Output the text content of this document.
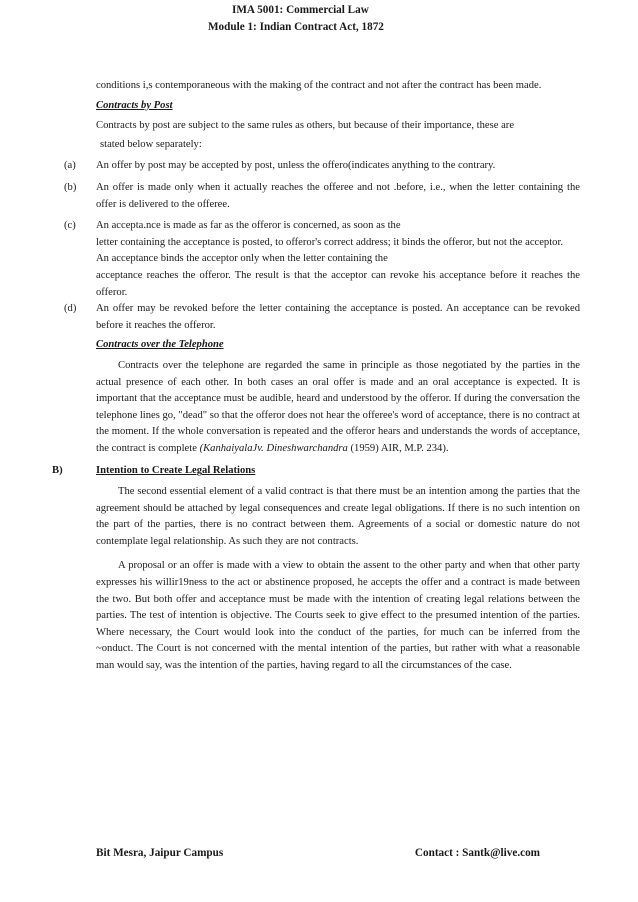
IMA 5001: Commercial Law
Module 1: Indian Contract Act, 1872

conditions i,s contemporaneous with the making of the contract and not after the contract has been made.

Contracts by Post

Contracts by post are subject to the same rules as others, but because of their importance, these are

stated below separately:

(a) An offer by post may be accepted by post, unless the offero(indicates anything to the contrary.

(b) An offer is made only when it actually reaches the offeree and not .before, i.e., when the letter containing the offer is delivered to the offeree.

(c) An accepta.nce is made as far as the offeror is concerned, as soon as the

letter containing the acceptance is posted, to offeror's correct address; it binds the offeror, but not the acceptor.

An acceptance binds the acceptor only when the letter containing the

acceptance reaches the offeror. The result is that the acceptor can revoke his acceptance before it reaches the offeror.

(d) An offer may be revoked before the letter containing the acceptance is posted. An acceptance can be revoked before it reaches the offeror.

Contracts over the Telephone

Contracts over the telephone are regarded the same in principle as those negotiated by the parties in the actual presence of each other. In both cases an oral offer is made and an oral acceptance is expected. It is important that the acceptance must be audible, heard and understood by the offeror. If during the conversation the telephone lines go, "dead" so that the offeror does not hear the offeree's word of acceptance, there is no contract at the moment. If the whole conversation is repeated and the offeror hears and understands the words of acceptance, the contract is complete (KanhaiyalaJv. Dineshwarchandra (1959) AIR, M.P. 234).

B)	Intention to Create Legal Relations

The second essential element of a valid contract is that there must be an intention among the parties that the agreement should be attached by legal consequences and create legal obligations. If there is no such intention on the part of the parties, there is no contract between them. Agreements of a social or domestic nature do not contemplate legal relationship. As such they are not contracts.

A proposal or an offer is made with a view to obtain the assent to the other party and when that other party expresses his willir19ness to the act or abstinence proposed, he accepts the offer and a contract is made between the two. But both offer and acceptance must be made with the intention of creating legal relations between the parties. The test of intention is objective. The Courts seek to give effect to the presumed intention of the parties. Where necessary, the Court would look into the conduct of the parties, for much can be inferred from the ~onduct. The Court is not concerned with the mental intention of the parties, but rather with what a reasonable man would say, was the intention of the parties, having regard to all the circumstances of the case.

Bit Mesra, Jaipur Campus	Contact : Santk@live.com
